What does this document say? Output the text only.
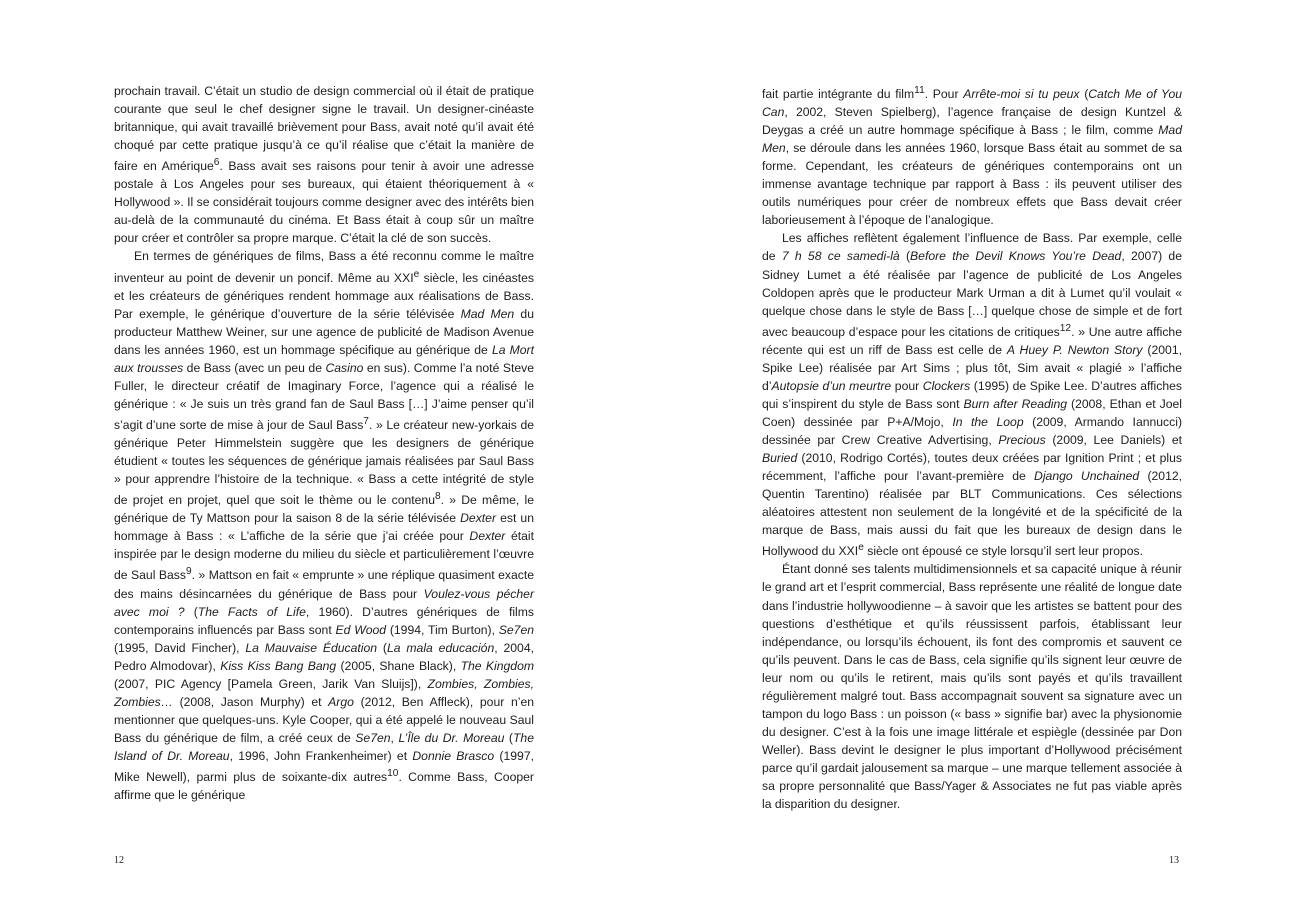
prochain travail. C’était un studio de design commercial où il était de pratique courante que seul le chef designer signe le travail. Un designer-cinéaste britannique, qui avait travaillé brièvement pour Bass, avait noté qu’il avait été choqué par cette pratique jusqu’à ce qu’il réalise que c’était la manière de faire en Amérique$^6$. Bass avait ses raisons pour tenir à avoir une adresse postale à Los Angeles pour ses bureaux, qui étaient théoriquement à « Hollywood ». Il se considérait toujours comme designer avec des intérêts bien au-delà de la communauté du cinéma. Et Bass était à coup sûr un maître pour créer et contrôler sa propre marque. C’était la clé de son succès.

En termes de génériques de films, Bass a été reconnu comme le maître inventeur au point de devenir un poncif. Même au XXIe siècle, les cinéastes et les créateurs de génériques rendent hommage aux réalisations de Bass. Par exemple, le générique d’ouverture de la série télévisée Mad Men du producteur Matthew Weiner, sur une agence de publicité de Madison Avenue dans les années 1960, est un hommage spécifique au générique de La Mort aux trousses de Bass (avec un peu de Casino en sus). Comme l’a noté Steve Fuller, le directeur créatif de Imaginary Force, l’agence qui a réalisé le générique : « Je suis un très grand fan de Saul Bass […] J’aime penser qu’il s’agit d’une sorte de mise à jour de Saul Bass$^7$. » Le créateur new-yorkais de générique Peter Himmelstein suggère que les designers de générique étudient « toutes les séquences de générique jamais réalisées par Saul Bass » pour apprendre l’histoire de la technique. « Bass a cette intégrité de style de projet en projet, quel que soit le thème ou le contenu$^8$. » De même, le générique de Ty Mattson pour la saison 8 de la série télévisée Dexter est un hommage à Bass : « L’affiche de la série que j’ai créée pour Dexter était inspirée par le design moderne du milieu du siècle et particulièrement l’œuvre de Saul Bass$^9$. » Mattson en fait « emprunte » une réplique quasiment exacte des mains désincarnées du générique de Bass pour Voulez-vous pécher avec moi ? (The Facts of Life, 1960). D’autres génériques de films contemporains influencés par Bass sont Ed Wood (1994, Tim Burton), Se7en (1995, David Fincher), La Mauvaise Éducation (La mala educación, 2004, Pedro Almodovar), Kiss Kiss Bang Bang (2005, Shane Black), The Kingdom (2007, PIC Agency [Pamela Green, Jarik Van Sluijs]), Zombies, Zombies, Zombies… (2008, Jason Murphy) et Argo (2012, Ben Affleck), pour n’en mentionner que quelques-uns. Kyle Cooper, qui a été appelé le nouveau Saul Bass du générique de film, a créé ceux de Se7en, L’Île du Dr. Moreau (The Island of Dr. Moreau, 1996, John Frankenheimer) et Donnie Brasco (1997, Mike Newell), parmi plus de soixante-dix autres$^{10}$. Comme Bass, Cooper affirme que le générique

fait partie intégrante du film$^{11}$. Pour Arrête-moi si tu peux (Catch Me of You Can, 2002, Steven Spielberg), l’agence française de design Kuntzel & Deygas a créé un autre hommage spécifique à Bass ; le film, comme Mad Men, se déroule dans les années 1960, lorsque Bass était au sommet de sa forme. Cependant, les créateurs de génériques contemporains ont un immense avantage technique par rapport à Bass : ils peuvent utiliser des outils numériques pour créer de nombreux effets que Bass devait créer laborieusement à l’époque de l’analogique.

Les affiches reflètent également l’influence de Bass. Par exemple, celle de 7 h 58 ce samedi-là (Before the Devil Knows You’re Dead, 2007) de Sidney Lumet a été réalisée par l’agence de publicité de Los Angeles Coldopen après que le producteur Mark Urman a dit à Lumet qu’il voulait « quelque chose dans le style de Bass […] quelque chose de simple et de fort avec beaucoup d’espace pour les citations de critiques$^{12}$. » Une autre affiche récente qui est un riff de Bass est celle de A Huey P. Newton Story (2001, Spike Lee) réalisée par Art Sims ; plus tôt, Sim avait « plagié » l’affiche d’Autopsie d’un meurtre pour Clockers (1995) de Spike Lee. D’autres affiches qui s’inspirent du style de Bass sont Burn after Reading (2008, Ethan et Joel Coen) dessinée par P+A/Mojo, In the Loop (2009, Armando Iannucci) dessinée par Crew Creative Advertising, Precious (2009, Lee Daniels) et Buried (2010, Rodrigo Cortés), toutes deux créées par Ignition Print ; et plus récemment, l’affiche pour l’avant-première de Django Unchained (2012, Quentin Tarentino) réalisée par BLT Communications. Ces sélections aléatoires attestent non seulement de la longévité et de la spécificité de la marque de Bass, mais aussi du fait que les bureaux de design dans le Hollywood du XXIe siècle ont épousé ce style lorsqu’il sert leur propos.

Étant donné ses talents multidimensionnels et sa capacité unique à réunir le grand art et l’esprit commercial, Bass représente une réalité de longue date dans l’industrie hollywoodienne – à savoir que les artistes se battent pour des questions d’esthétique et qu’ils réussissent parfois, établissant leur indépendance, ou lorsqu’ils échouent, ils font des compromis et sauvent ce qu’ils peuvent. Dans le cas de Bass, cela signifie qu’ils signent leur œuvre de leur nom ou qu’ils le retirent, mais qu’ils sont payés et qu’ils travaillent régulièrement malgré tout. Bass accompagnait souvent sa signature avec un tampon du logo Bass : un poisson (« bass » signifie bar) avec la physionomie du designer. C’est à la fois une image littérale et espiègle (dessinée par Don Weller). Bass devint le designer le plus important d’Hollywood précisément parce qu’il gardait jalousement sa marque – une marque tellement associée à sa propre personnalité que Bass/Yager & Associates ne fut pas viable après la disparition du designer.

12	13
